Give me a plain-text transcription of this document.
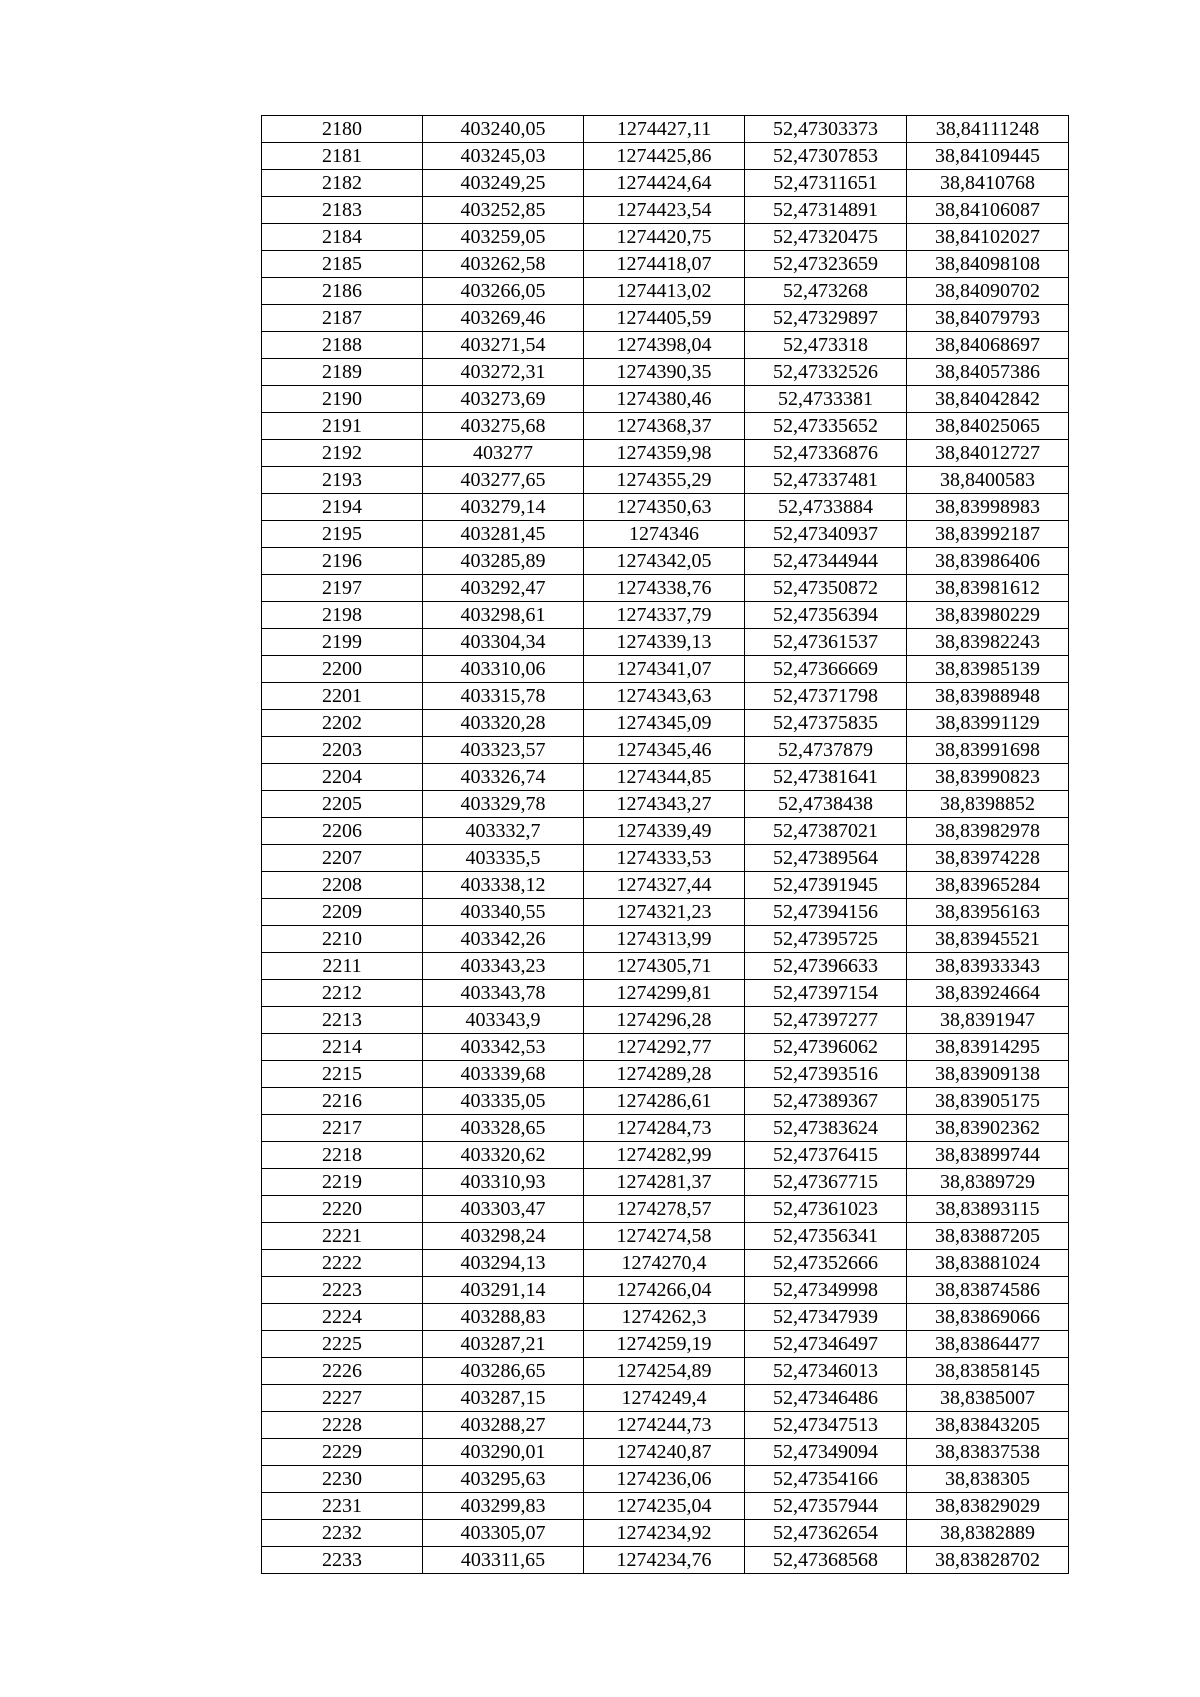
2180	403240,05	1274427,11	52,47303373	38,84111248
2181	403245,03	1274425,86	52,47307853	38,84109445
2182	403249,25	1274424,64	52,47311651	38,8410768
2183	403252,85	1274423,54	52,47314891	38,84106087
2184	403259,05	1274420,75	52,47320475	38,84102027
2185	403262,58	1274418,07	52,47323659	38,84098108
2186	403266,05	1274413,02	52,473268	38,84090702
2187	403269,46	1274405,59	52,47329897	38,84079793
2188	403271,54	1274398,04	52,473318	38,84068697
2189	403272,31	1274390,35	52,47332526	38,84057386
2190	403273,69	1274380,46	52,4733381	38,84042842
2191	403275,68	1274368,37	52,47335652	38,84025065
2192	403277	1274359,98	52,47336876	38,84012727
2193	403277,65	1274355,29	52,47337481	38,8400583
2194	403279,14	1274350,63	52,4733884	38,83998983
2195	403281,45	1274346	52,47340937	38,83992187
2196	403285,89	1274342,05	52,47344944	38,83986406
2197	403292,47	1274338,76	52,47350872	38,83981612
2198	403298,61	1274337,79	52,47356394	38,83980229
2199	403304,34	1274339,13	52,47361537	38,83982243
2200	403310,06	1274341,07	52,47366669	38,83985139
2201	403315,78	1274343,63	52,47371798	38,83988948
2202	403320,28	1274345,09	52,47375835	38,83991129
2203	403323,57	1274345,46	52,4737879	38,83991698
2204	403326,74	1274344,85	52,47381641	38,83990823
2205	403329,78	1274343,27	52,4738438	38,8398852
2206	403332,7	1274339,49	52,47387021	38,83982978
2207	403335,5	1274333,53	52,47389564	38,83974228
2208	403338,12	1274327,44	52,47391945	38,83965284
2209	403340,55	1274321,23	52,47394156	38,83956163
2210	403342,26	1274313,99	52,47395725	38,83945521
2211	403343,23	1274305,71	52,47396633	38,83933343
2212	403343,78	1274299,81	52,47397154	38,83924664
2213	403343,9	1274296,28	52,47397277	38,8391947
2214	403342,53	1274292,77	52,47396062	38,83914295
2215	403339,68	1274289,28	52,47393516	38,83909138
2216	403335,05	1274286,61	52,47389367	38,83905175
2217	403328,65	1274284,73	52,47383624	38,83902362
2218	403320,62	1274282,99	52,47376415	38,83899744
2219	403310,93	1274281,37	52,47367715	38,8389729
2220	403303,47	1274278,57	52,47361023	38,83893115
2221	403298,24	1274274,58	52,47356341	38,83887205
2222	403294,13	1274270,4	52,47352666	38,83881024
2223	403291,14	1274266,04	52,47349998	38,83874586
2224	403288,83	1274262,3	52,47347939	38,83869066
2225	403287,21	1274259,19	52,47346497	38,83864477
2226	403286,65	1274254,89	52,47346013	38,83858145
2227	403287,15	1274249,4	52,47346486	38,8385007
2228	403288,27	1274244,73	52,47347513	38,83843205
2229	403290,01	1274240,87	52,47349094	38,83837538
2230	403295,63	1274236,06	52,47354166	38,838305
2231	403299,83	1274235,04	52,47357944	38,83829029
2232	403305,07	1274234,92	52,47362654	38,8382889
2233	403311,65	1274234,76	52,47368568	38,83828702
